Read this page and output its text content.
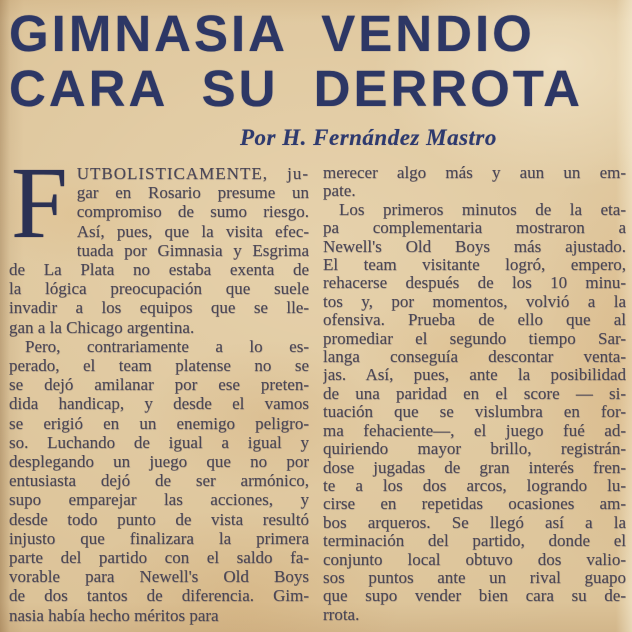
GIMNASIA VENDIO
CARA SU DERROTA
Por H. Fernández Mastro
F UTBOLISTICAMENTE, ju-
gar en Rosario presume un
compromiso de sumo riesgo.
Así, pues, que la visita efec-
tuada por Gimnasia y Esgrima
de La Plata no estaba exenta de
la lógica preocupación que suele
invadir a los equipos que se lle-
gan a la Chicago argentina.
Pero, contrariamente a lo es-
perado, el team platense no se
se dejó amilanar por ese preten-
dida handicap, y desde el vamos
se erigió en un enemigo peligro-
so. Luchando de igual a igual y
desplegando un juego que no por
entusiasta dejó de ser armónico,
supo emparejar las acciones, y
desde todo punto de vista resultó
injusto que finalizara la primera
parte del partido con el saldo fa-
vorable para Newell's Old Boys
de dos tantos de diferencia. Gim-
nasia había hecho méritos para
merecer algo más y aun un em-
pate.
Los primeros minutos de la eta-
pa complementaria mostraron a
Newell's Old Boys más ajustado.
El team visitante logró, empero,
rehacerse después de los 10 minu-
tos y, por momentos, volvió a la
ofensiva. Prueba de ello que al
promediar el segundo tiempo Sar-
langa conseguía descontar venta-
jas. Así, pues, ante la posibilidad
de una paridad en el score — si-
tuación que se vislumbra en for-
ma fehaciente—, el juego fué ad-
quiriendo mayor brillo, registrán-
dose jugadas de gran interés fren-
te a los dos arcos, logrando lu-
cirse en repetidas ocasiones am-
bos arqueros. Se llegó así a la
terminación del partido, donde el
conjunto local obtuvo dos valio-
sos puntos ante un rival guapo
que supo vender bien cara su de-
rrota.
